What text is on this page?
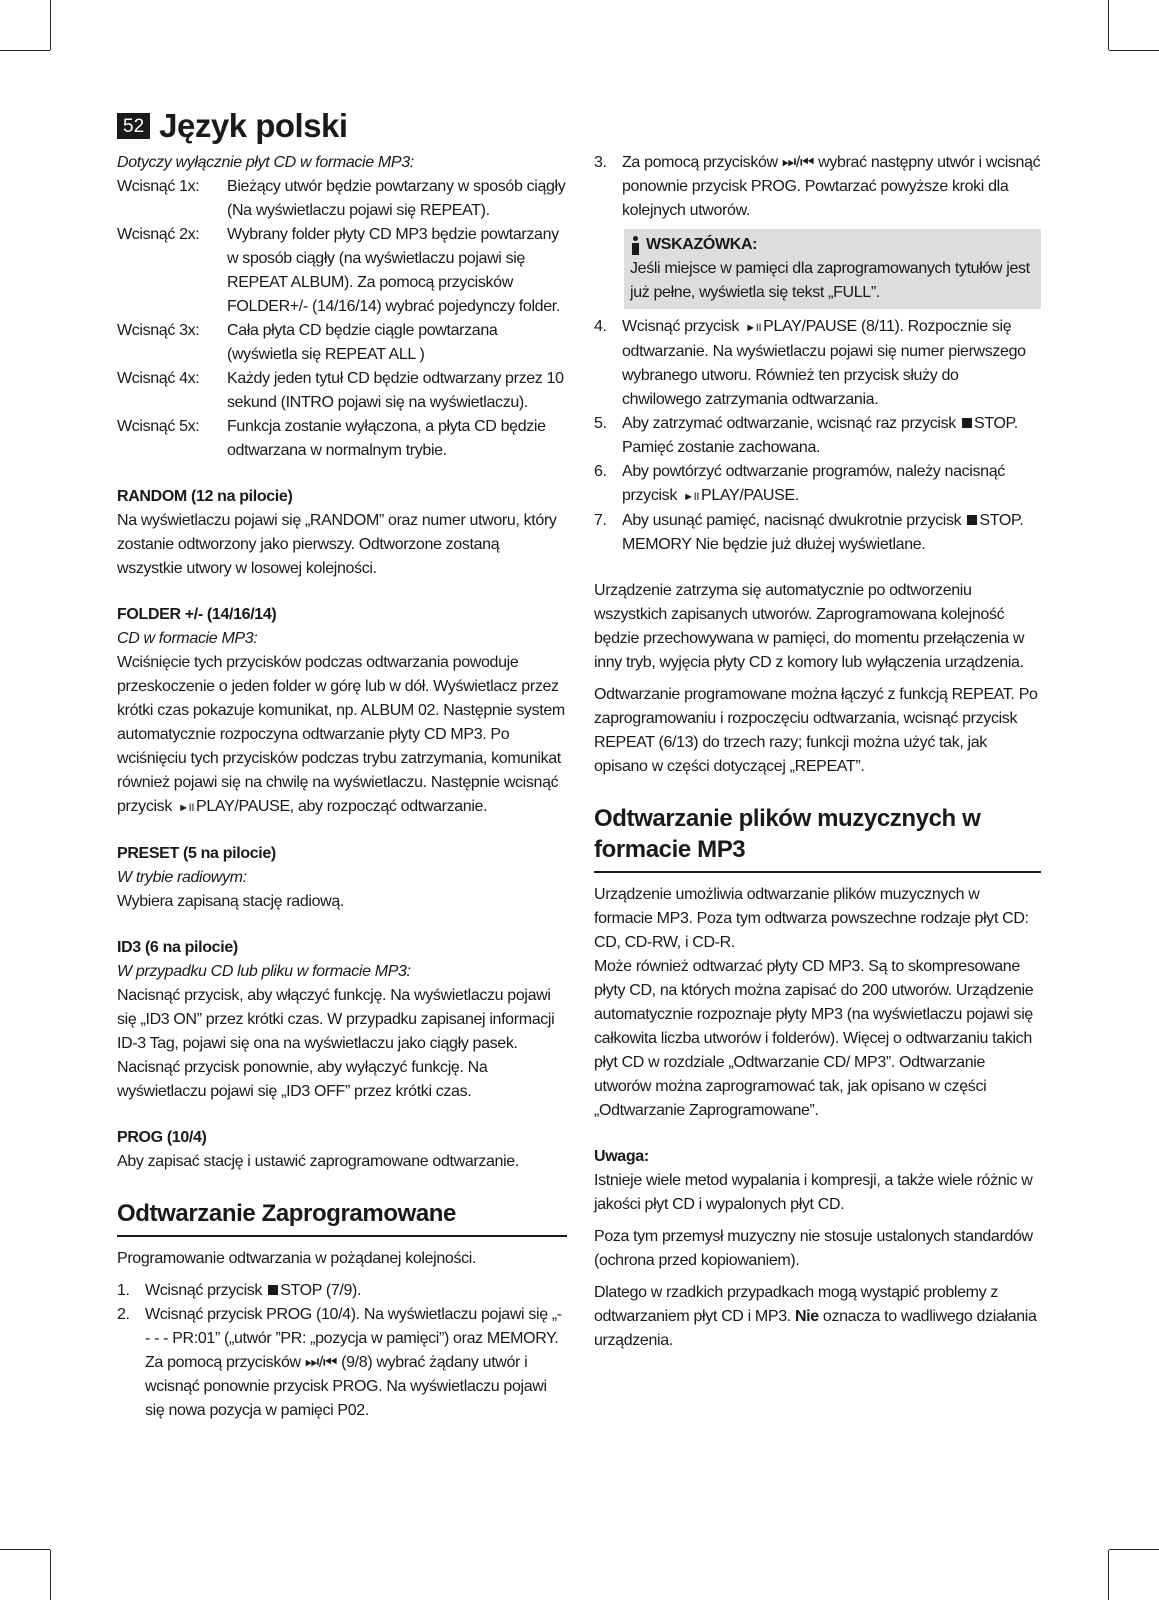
52 Język polski

Dotyczy wyłącznie płyt CD w formacie MP3:

Wcisnąć 1x:	Bieżący utwór będzie powtarzany w sposób ciągły (Na wyświetlaczu pojawi się REPEAT).
Wcisnąć 2x:	Wybrany folder płyty CD MP3 będzie powtarzany w sposób ciągły (na wyświetlaczu pojawi się REPEAT ALBUM). Za pomocą przycisków FOLDER+/- (14/16/14) wybrać pojedynczy folder.
Wcisnąć 3x:	Cała płyta CD będzie ciągle powtarzana (wyświetla się REPEAT ALL )
Wcisnąć 4x:	Każdy jeden tytuł CD będzie odtwarzany przez 10 sekund (INTRO pojawi się na wyświetlaczu).
Wcisnąć 5x:	Funkcja zostanie wyłączona, a płyta CD będzie odtwarzana w normalnym trybie.

RANDOM (12 na pilocie)

Na wyświetlaczu pojawi się „RANDOM” oraz numer utworu, który zostanie odtworzony jako pierwszy. Odtworzone zostaną wszystkie utwory w losowej kolejności.

FOLDER +/- (14/16/14)

CD w formacie MP3:

Wciśnięcie tych przycisków podczas odtwarzania powoduje przeskoczenie o jeden folder w górę lub w dół. Wyświetlacz przez krótki czas pokazuje komunikat, np. ALBUM 02. Następnie system automatycznie rozpoczyna odtwarzanie płyty CD MP3. Po wciśnięciu tych przycisków podczas trybu zatrzymania, komunikat również pojawi się na chwilę na wyświetlaczu. Następnie wcisnąć przycisk ►II PLAY/PAUSE, aby rozpocząć odtwarzanie.

PRESET (5 na pilocie)

W trybie radiowym:

Wybiera zapisaną stację radiową.

ID3 (6 na pilocie)

W przypadku CD lub pliku w formacie MP3:

Nacisnąć przycisk, aby włączyć funkcję. Na wyświetlaczu pojawi się „ID3 ON” przez krótki czas. W przypadku zapisanej informacji ID-3 Tag, pojawi się ona na wyświetlaczu jako ciągły pasek. Nacisnąć przycisk ponownie, aby wyłączyć funkcję. Na wyświetlaczu pojawi się „ID3 OFF” przez krótki czas.

PROG (10/4)

Aby zapisać stację i ustawić zaprogramowane odtwarzanie.

Odtwarzanie Zaprogramowane

Programowanie odtwarzania w pożądanej kolejności.

1. Wcisnąć przycisk STOP (7/9).
2. Wcisnąć przycisk PROG (10/4). Na wyświetlaczu pojawi się „- - - - PR:01” („utwór ”PR: „pozycja w pamięci”) oraz MEMORY. Za pomocą przycisków ⏭/⏮ (9/8) wybrać żądany utwór i wcisnąć ponownie przycisk PROG. Na wyświetlaczu pojawi się nowa pozycja w pamięci P02.
3. Za pomocą przycisków ⏭/⏮ wybrać następny utwór i wcisnąć ponownie przycisk PROG. Powtarzać powyższe kroki dla kolejnych utworów.
WSKAZÓWKA:

Jeśli miejsce w pamięci dla zaprogramowanych tytułów jest już pełne, wyświetla się tekst „FULL”.

4. Wcisnąć przycisk ►II PLAY/PAUSE (8/11). Rozpocznie się odtwarzanie. Na wyświetlaczu pojawi się numer pierwszego wybranego utworu. Również ten przycisk służy do chwilowego zatrzymania odtwarzania.
5. Aby zatrzymać odtwarzanie, wcisnąć raz przycisk STOP. Pamięć zostanie zachowana.
6. Aby powtórzyć odtwarzanie programów, należy nacisnąć przycisk ►II PLAY/PAUSE.
7. Aby usunąć pamięć, nacisnąć dwukrotnie przycisk STOP. MEMORY Nie będzie już dłużej wyświetlane.

Urządzenie zatrzyma się automatycznie po odtworzeniu wszystkich zapisanych utworów. Zaprogramowana kolejność będzie przechowywana w pamięci, do momentu przełączenia w inny tryb, wyjęcia płyty CD z komory lub wyłączenia urządzenia.

Odtwarzanie programowane można łączyć z funkcją REPEAT. Po zaprogramowaniu i rozpoczęciu odtwarzania, wcisnąć przycisk REPEAT (6/13) do trzech razy; funkcji można użyć tak, jak opisano w części dotyczącej „REPEAT”.

Odtwarzanie plików muzycznych w formacie MP3

Urządzenie umożliwia odtwarzanie plików muzycznych w formacie MP3. Poza tym odtwarza powszechne rodzaje płyt CD: CD, CD-RW, i CD-R.

Może również odtwarzać płyty CD MP3. Są to skompresowane płyty CD, na których można zapisać do 200 utworów. Urządzenie automatycznie rozpoznaje płyty MP3 (na wyświetlaczu pojawi się całkowita liczba utworów i folderów). Więcej o odtwarzaniu takich płyt CD w rozdziale „Odtwarzanie CD/ MP3”. Odtwarzanie utworów można zaprogramować tak, jak opisano w części „Odtwarzanie Zaprogramowane”.

Uwaga:

Istnieje wiele metod wypalania i kompresji, a także wiele różnic w jakości płyt CD i wypalonych płyt CD.

Poza tym przemysł muzyczny nie stosuje ustalonych standardów (ochrona przed kopiowaniem).

Dlatego w rzadkich przypadkach mogą wystąpić problemy z odtwarzaniem płyt CD i MP3. Nie oznacza to wadliwego działania urządzenia.
